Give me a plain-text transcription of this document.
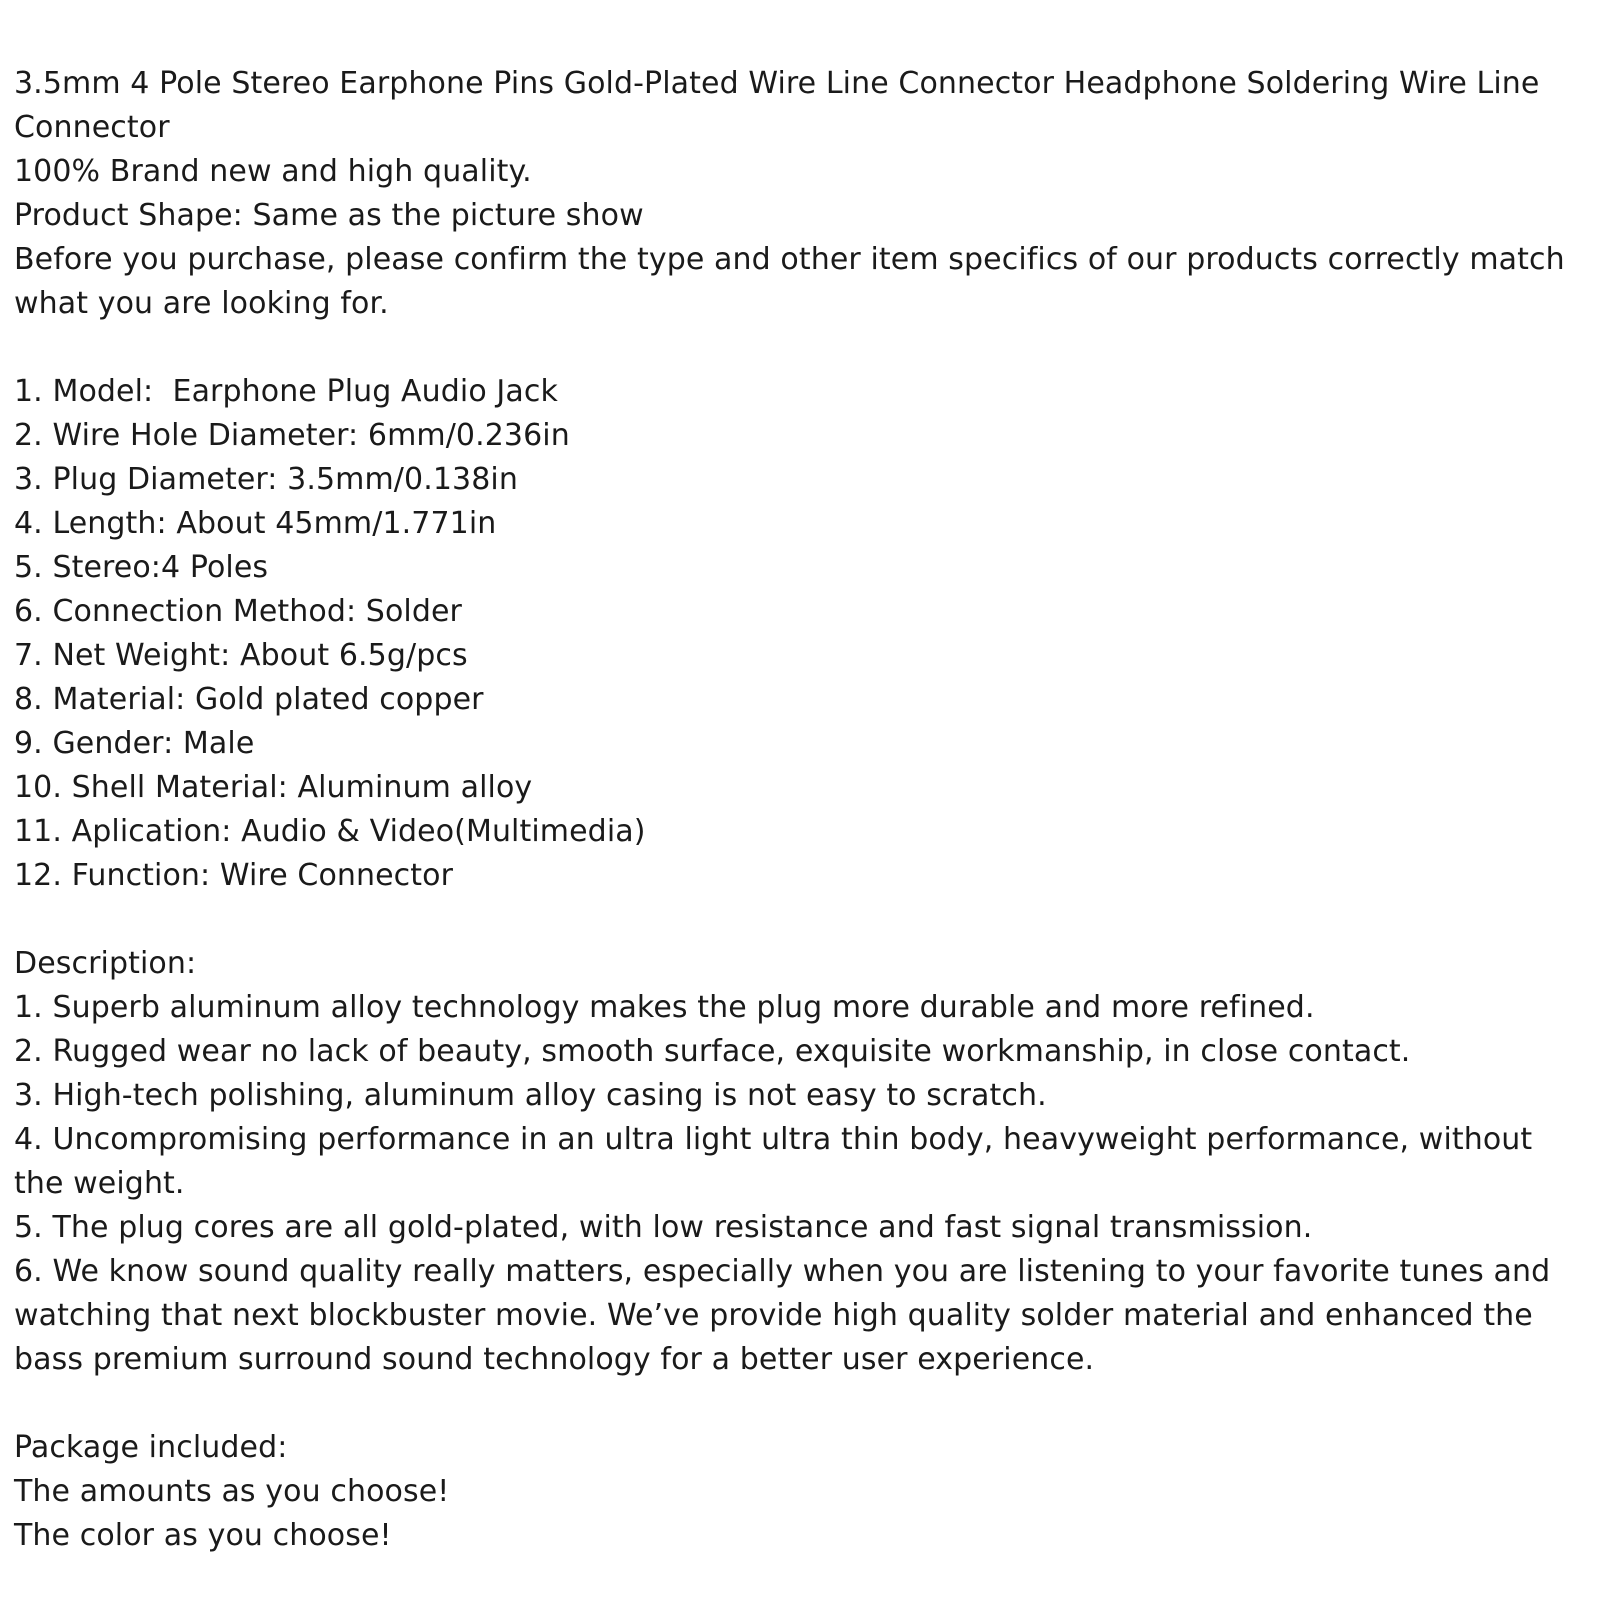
3.5mm 4 Pole Stereo Earphone Pins Gold-Plated Wire Line Connector Headphone Soldering Wire Line Connector
100% Brand new and high quality.
Product Shape: Same as the picture show
Before you purchase, please confirm the type and other item specifics of our products correctly match what you are looking for.
1. Model:  Earphone Plug Audio Jack
2. Wire Hole Diameter: 6mm/0.236in
3. Plug Diameter: 3.5mm/0.138in
4. Length: About 45mm/1.771in
5. Stereo:4 Poles
6. Connection Method: Solder
7. Net Weight: About 6.5g/pcs
8. Material: Gold plated copper
9. Gender: Male
10. Shell Material: Aluminum alloy
11. Aplication: Audio & Video(Multimedia)
12. Function: Wire Connector
Description:
1. Superb aluminum alloy technology makes the plug more durable and more refined.
2. Rugged wear no lack of beauty, smooth surface, exquisite workmanship, in close contact.
3. High-tech polishing, aluminum alloy casing is not easy to scratch.
4. Uncompromising performance in an ultra light ultra thin body, heavyweight performance, without the weight.
5. The plug cores are all gold-plated, with low resistance and fast signal transmission.
6. We know sound quality really matters, especially when you are listening to your favorite tunes and watching that next blockbuster movie. We’ve provide high quality solder material and enhanced the bass premium surround sound technology for a better user experience.
Package included:
The amounts as you choose!
The color as you choose!
